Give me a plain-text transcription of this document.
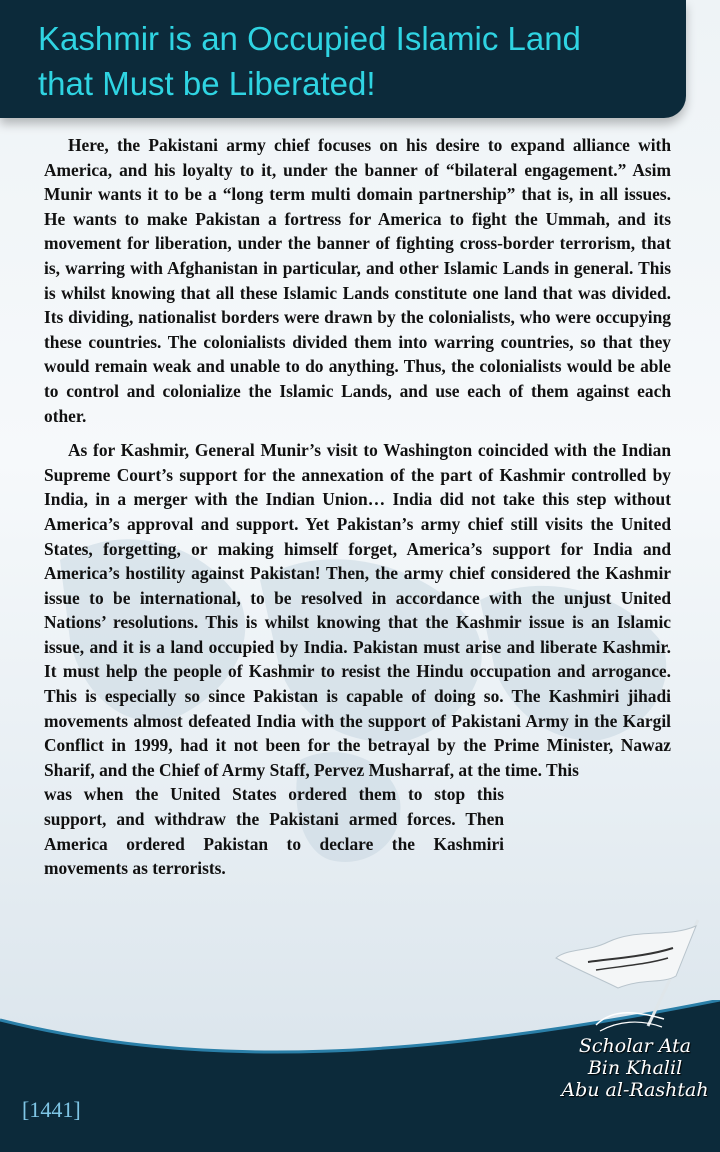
Kashmir is an Occupied Islamic Land
that Must be Liberated!

Here, the Pakistani army chief focuses on his desire to expand alliance with America, and his loyalty to it, under the banner of “bilateral engagement.” Asim Munir wants it to be a “long term multi domain partnership” that is, in all issues. He wants to make Pakistan a fortress for America to fight the Ummah, and its movement for liberation, under the banner of fighting cross-border terrorism, that is, warring with Afghanistan in particular, and other Islamic Lands in general. This is whilst knowing that all these Islamic Lands constitute one land that was divided. Its dividing, nationalist borders were drawn by the colonialists, who were occupying these countries. The colonialists divided them into warring countries, so that they would remain weak and unable to do anything. Thus, the colonialists would be able to control and colonialize the Islamic Lands, and use each of them against each other.

As for Kashmir, General Munir’s visit to Washington coincided with the Indian Supreme Court’s support for the annexation of the part of Kashmir controlled by India, in a merger with the Indian Union… India did not take this step without America’s approval and support. Yet Pakistan’s army chief still visits the United States, forgetting, or making himself forget, America’s support for India and America’s hostility against Pakistan! Then, the army chief considered the Kashmir issue to be international, to be resolved in accordance with the unjust United Nations’ resolutions. This is whilst knowing that the Kashmir issue is an Islamic issue, and it is a land occupied by India. Pakistan must arise and liberate Kashmir. It must help the people of Kashmir to resist the Hindu occupation and arrogance. This is especially so since Pakistan is capable of doing so. The Kashmiri jihadi movements almost defeated India with the support of Pakistani Army in the Kargil Conflict in 1999, had it not been for the betrayal by the Prime Minister, Nawaz Sharif, and the Chief of Army Staff, Pervez Musharraf, at the time. This

was when the United States ordered them to stop this support, and withdraw the Pakistani armed forces. Then America ordered Pakistan to declare the Kashmiri movements as terrorists.

Scholar Ata
Bin Khalil
Abu al-Rashtah
[1441]
